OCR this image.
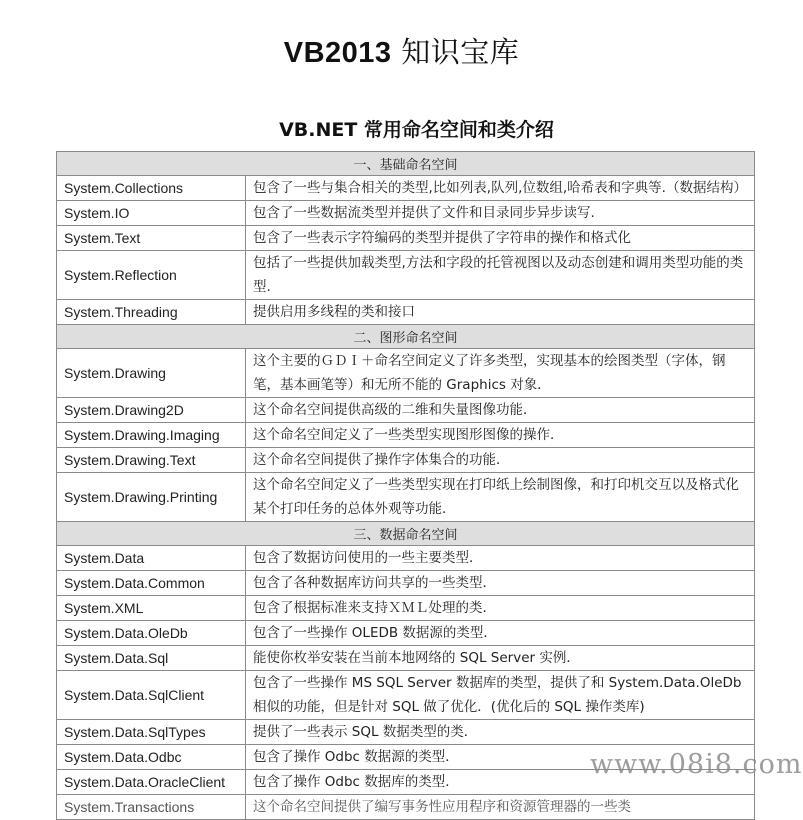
VB2013 知识宝库
VB.NET 常用命名空间和类介绍
一、基础命名空间	
System.Collections	包含了一些与集合相关的类型,比如列表,队列,位数组,哈希表和字典等.（数据结构）
System.IO	包含了一些数据流类型并提供了文件和目录同步异步读写.
System.Text	包含了一些表示字符编码的类型并提供了字符串的操作和格式化
System.Reflection	包括了一些提供加载类型,方法和字段的托管视图以及动态创建和调用类型功能的类型.
System.Threading	提供启用多线程的类和接口
二、图形命名空间	
System.Drawing	这个主要的ＧＤＩ＋命名空间定义了许多类型，实现基本的绘图类型（字体，钢笔，基本画笔等）和无所不能的 Graphics 对象．
System.Drawing2D	这个命名空间提供高级的二维和失量图像功能．
System.Drawing.Imaging	这个命名空间定义了一些类型实现图形图像的操作．
System.Drawing.Text	这个命名空间提供了操作字体集合的功能．
System.Drawing.Printing	这个命名空间定义了一些类型实现在打印纸上绘制图像，和打印机交互以及格式化某个打印任务的总体外观等功能．
三、数据命名空间	
System.Data	包含了数据访问使用的一些主要类型．
System.Data.Common	包含了各种数据库访问共享的一些类型．
System.XML	包含了根据标准来支持ＸＭＬ处理的类．
System.Data.OleDb	包含了一些操作 OLEDB 数据源的类型．
System.Data.Sql	能使你枚举安装在当前本地网络的 SQL Server 实例．
System.Data.SqlClient	包含了一些操作 MS SQL Server 数据库的类型，提供了和 System.Data.OleDb 相似的功能，但是针对 SQL 做了优化．(优化后的 SQL 操作类库)
System.Data.SqlTypes	提供了一些表示 SQL 数据类型的类．
System.Data.Odbc	包含了操作 Odbc 数据源的类型．
System.Data.OracleClient	包含了操作 Odbc 数据库的类型．
System.Transactions	这个命名空间提供了编写事务性应用程序和资源管理器的一些类
www.08i8.com
